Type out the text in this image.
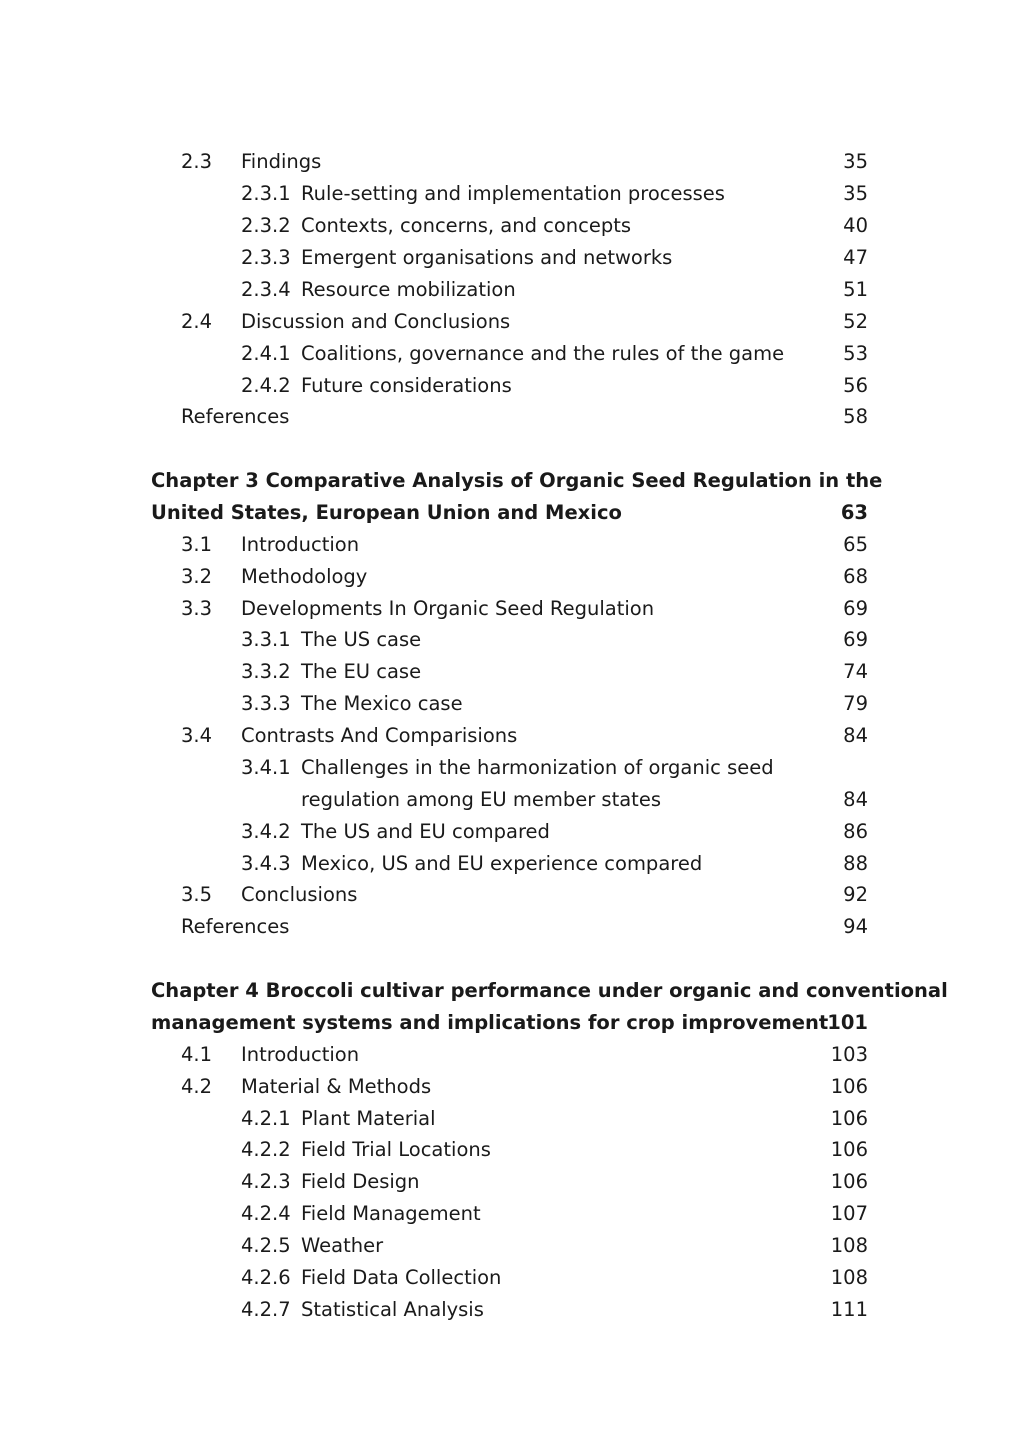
2.3 Findings	35
2.3.1 Rule-setting and implementation processes	35
2.3.2 Contexts, concerns, and concepts	40
2.3.3 Emergent organisations and networks	47
2.3.4 Resource mobilization	51
2.4 Discussion and Conclusions	52
2.4.1 Coalitions, governance and the rules of the game	53
2.4.2 Future considerations	56
References	58
Chapter 3 Comparative Analysis of Organic Seed Regulation in the
United States, European Union and Mexico	63
3.1 Introduction	65
3.2 Methodology	68
3.3 Developments In Organic Seed Regulation	69
3.3.1 The US case	69
3.3.2 The EU case	74
3.3.3 The Mexico case	79
3.4 Contrasts And Comparisions	84
3.4.1 Challenges in the harmonization of organic seed
regulation among EU member states	84
3.4.2 The US and EU compared	86
3.4.3 Mexico, US and EU experience compared	88
3.5 Conclusions	92
References	94
Chapter 4 Broccoli cultivar performance under organic and conventional
management systems and implications for crop improvement 101
4.1 Introduction	103
4.2 Material & Methods	106
4.2.1 Plant Material	106
4.2.2 Field Trial Locations	106
4.2.3 Field Design	106
4.2.4 Field Management	107
4.2.5 Weather	108
4.2.6 Field Data Collection	108
4.2.7 Statistical Analysis	111
